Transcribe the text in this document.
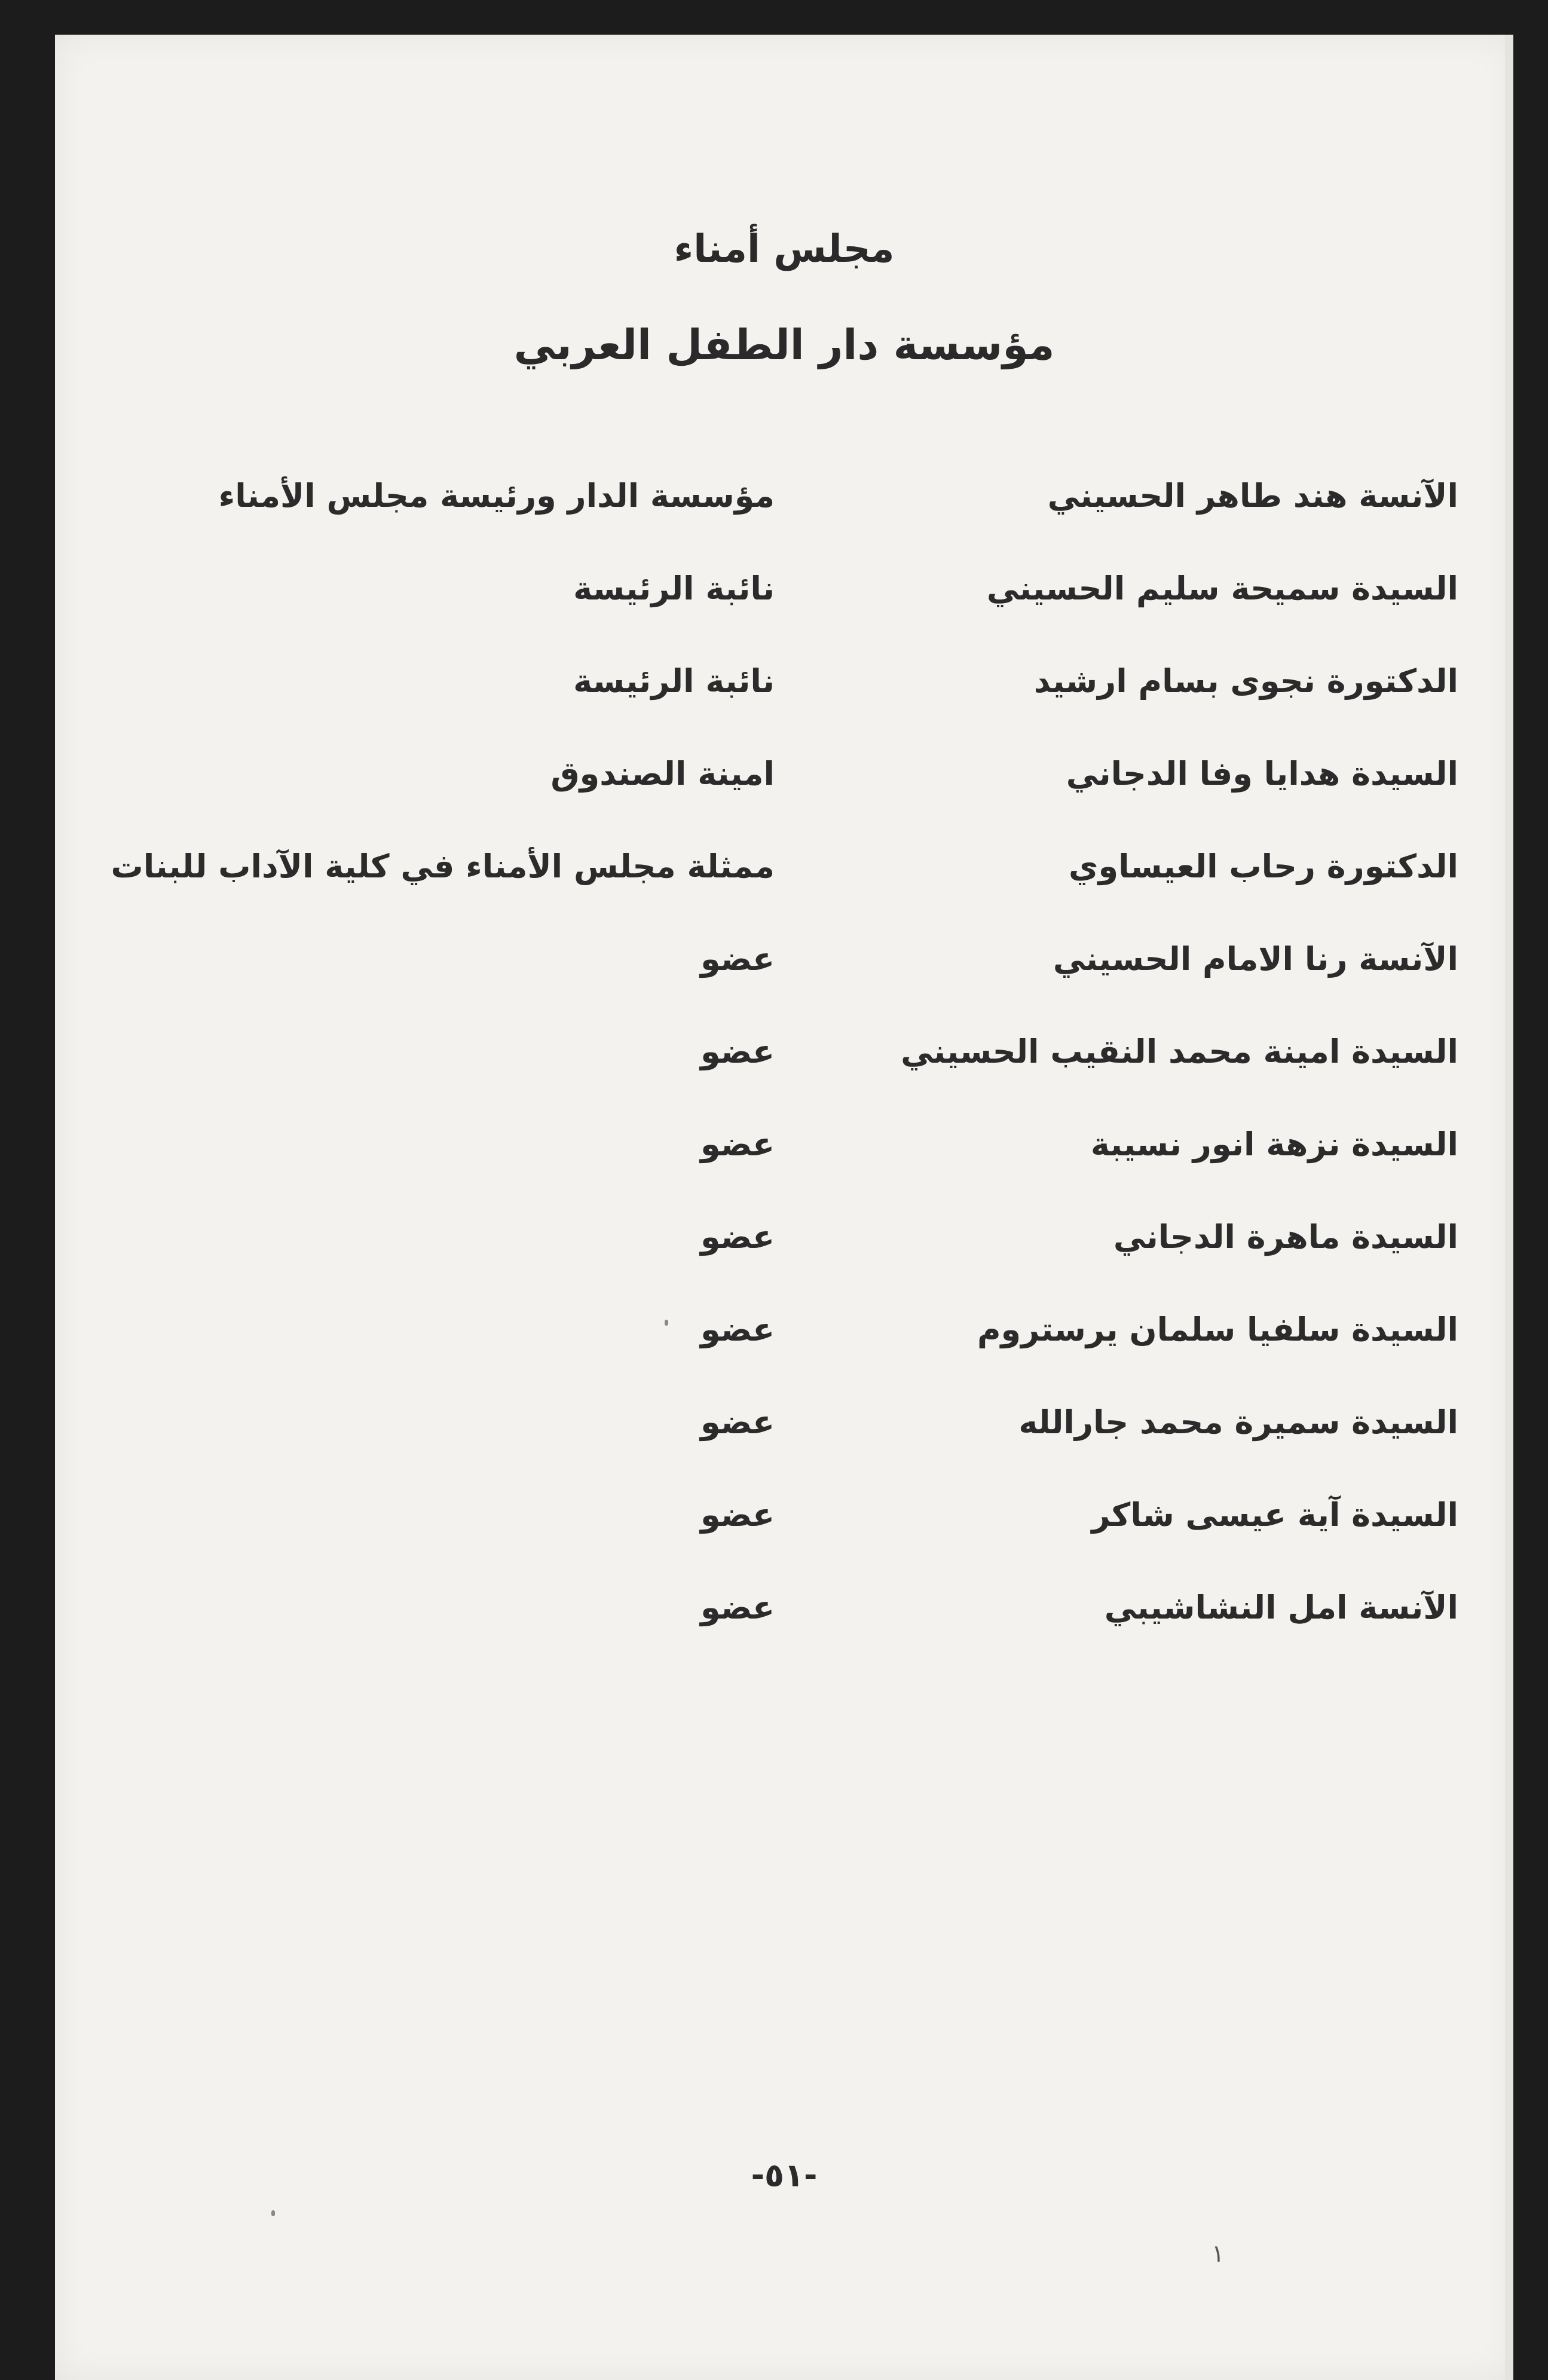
مجلس أمناء
مؤسسة دار الطفل العربي
الآنسة هند طاهر الحسيني
مؤسسة الدار ورئيسة مجلس الأمناء
السيدة سميحة سليم الحسيني
نائبة الرئيسة
الدكتورة نجوى بسام ارشيد
نائبة الرئيسة
السيدة هدايا وفا الدجاني
امينة الصندوق
الدكتورة رحاب العيساوي
ممثلة مجلس الأمناء في كلية الآداب للبنات
الآنسة رنا الامام الحسيني
عضو
السيدة امينة محمد النقيب الحسيني
عضو
السيدة نزهة انور نسيبة
عضو
السيدة ماهرة الدجاني
عضو
السيدة سلفيا سلمان يرستروم
عضو
السيدة سميرة محمد جارالله
عضو
السيدة آية عيسى شاكر
عضو
الآنسة امل النشاشيبي
عضو
-٥١-
١
